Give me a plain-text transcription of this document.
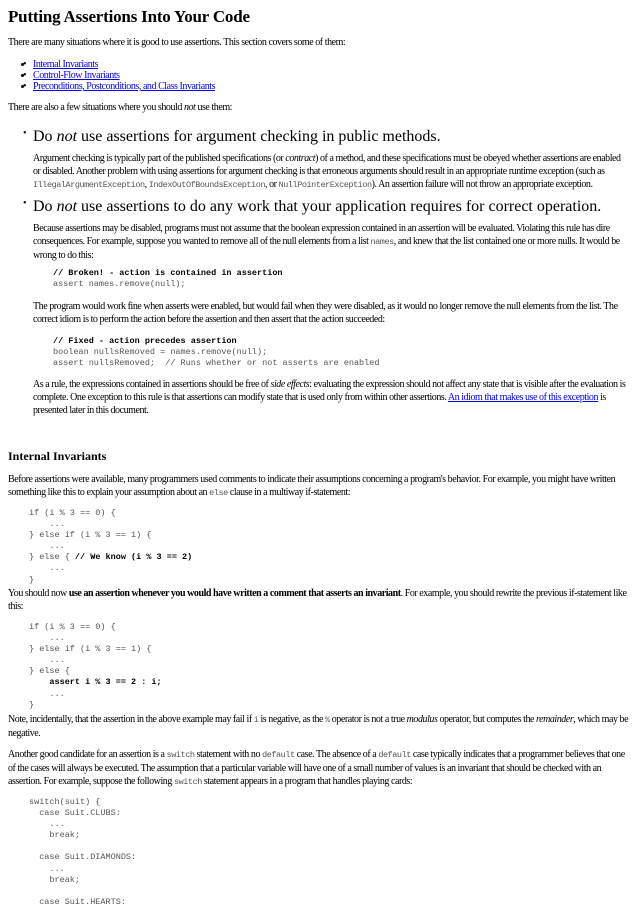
Putting Assertions Into Your Code

There are many situations where it is good to use assertions. This section covers some of them:

• • Internal Invariants
• • Control-Flow Invariants
• • Preconditions, Postconditions, and Class Invariants

There are also a few situations where you should not use them:

• Do not use assertions for argument checking in public methods.

Argument checking is typically part of the published specifications (or contract) of a method, and these specifications must be obeyed whether assertions are enabled or disabled. Another problem with using assertions for argument checking is that erroneous arguments should result in an appropriate runtime exception (such as IllegalArgumentException, IndexOutOfBoundsException, or NullPointerException). An assertion failure will not throw an appropriate exception.

• Do not use assertions to do any work that your application requires for correct operation.

Because assertions may be disabled, programs must not assume that the boolean expression contained in an assertion will be evaluated. Violating this rule has dire consequences. For example, suppose you wanted to remove all of the null elements from a list names, and knew that the list contained one or more nulls. It would be wrong to do this:

// Broken! - action is contained in assertion
assert names.remove(null);

The program would work fine when asserts were enabled, but would fail when they were disabled, as it would no longer remove the null elements from the list. The correct idiom is to perform the action before the assertion and then assert that the action succeeded:

// Fixed - action precedes assertion
boolean nullsRemoved = names.remove(null);
assert nullsRemoved;  // Runs whether or not asserts are enabled

As a rule, the expressions contained in assertions should be free of side effects: evaluating the expression should not affect any state that is visible after the evaluation is complete. One exception to this rule is that assertions can modify state that is used only from within other assertions. An idiom that makes use of this exception is presented later in this document.

Internal Invariants

Before assertions were available, many programmers used comments to indicate their assumptions concerning a program's behavior. For example, you might have written something like this to explain your assumption about an else clause in a multiway if-statement:

if (i % 3 == 0) {
...
} else if (i % 3 == 1) {
...
} else { // We know (i % 3 == 2)
...
}

You should now use an assertion whenever you would have written a comment that asserts an invariant. For example, you should rewrite the previous if-statement like this:

if (i % 3 == 0) {
...
} else if (i % 3 == 1) {
...
} else {
assert i % 3 == 2 : i;
...
}

Note, incidentally, that the assertion in the above example may fail if i is negative, as the % operator is not a true modulus operator, but computes the remainder, which may be negative.

Another good candidate for an assertion is a switch statement with no default case. The absence of a default case typically indicates that a programmer believes that one of the cases will always be executed. The assumption that a particular variable will have one of a small number of values is an invariant that should be checked with an assertion. For example, suppose the following switch statement appears in a program that handles playing cards:

switch(suit) {
case Suit.CLUBS:
...
break;

case Suit.DIAMONDS:
...
break;

case Suit.HEARTS:
